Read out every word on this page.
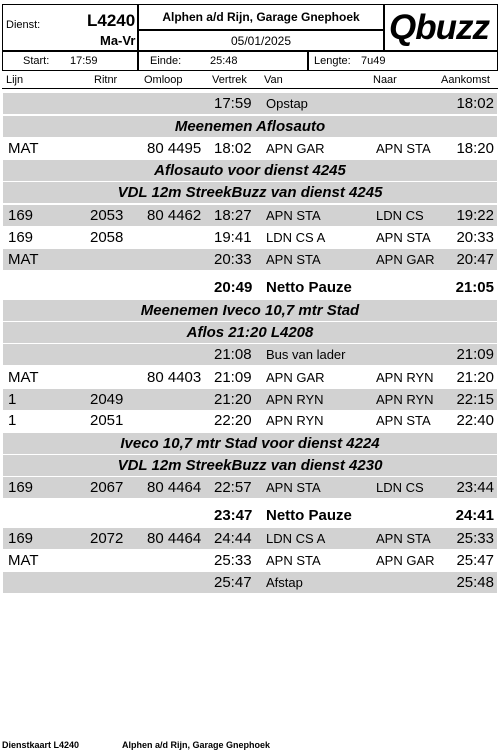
Dienst:	L4240
Ma-Vr
Alphen a/d Rijn, Garage Gnephoek
05/01/2025	Qbuzz
Start: 17:59	Einde:	25:48	Lengte: 7u49
Lijn	Ritnr Omloop	Vertrek Van	Naar	Aankomst
17:59 Opstap	18:02
Meenemen Aflosauto
MAT	80 4495 18:02 APN GAR	APN STA 18:20
Aflosauto voor dienst 4245
VDL 12m StreekBuzz van dienst 4245
169	2053 80 4462 18:27 APN STA	LDN CS 19:22
169	2058	19:41 LDN CS A	APN STA 20:33
MAT	20:33 APN STA	APN GAR 20:47
20:49 Netto Pauze	21:05
Meenemen Iveco 10,7 mtr Stad
Aflos 21:20 L4208
21:08 Bus van lader	21:09
MAT	80 4403 21:09 APN GAR	APN RYN 21:20
1	2049	21:20 APN RYN	APN RYN 22:15
1	2051	22:20 APN RYN	APN STA 22:40
Iveco 10,7 mtr Stad voor dienst 4224
VDL 12m StreekBuzz van dienst 4230
169	2067 80 4464 22:57 APN STA	LDN CS 23:44
23:47 Netto Pauze	24:41
169	2072 80 4464 24:44 LDN CS A	APN STA 25:33
MAT	25:33 APN STA	APN GAR 25:47
25:47 Afstap	25:48
Dienstkaart L4240	Alphen a/d Rijn, Garage Gnephoek
